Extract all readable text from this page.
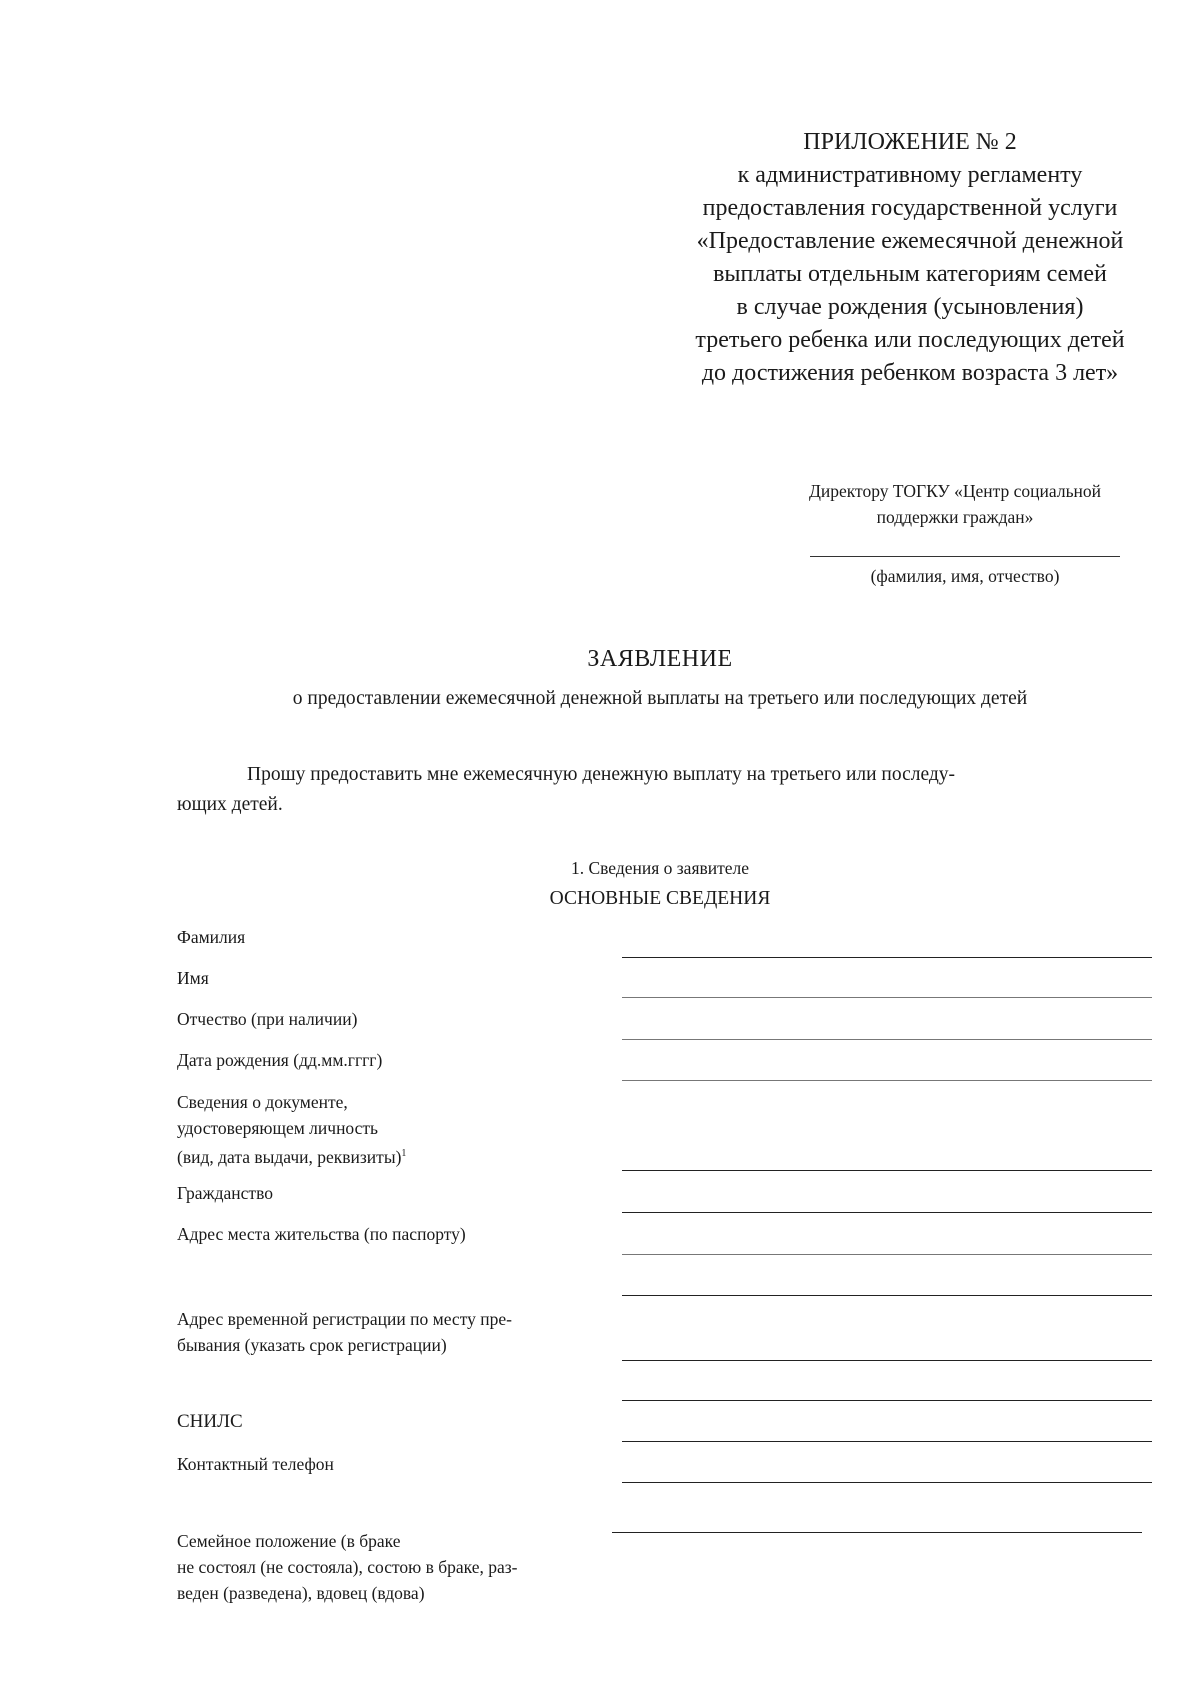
ПРИЛОЖЕНИЕ № 2
к административному регламенту
предоставления государственной услуги
«Предоставление ежемесячной денежной
выплаты отдельным категориям семей
в случае рождения (усыновления)
третьего ребенка или последующих детей
до достижения ребенком возраста 3 лет»
Директору ТОГКУ «Центр социальной
поддержки граждан»
(фамилия, имя, отчество)
ЗАЯВЛЕНИЕ
о предоставлении ежемесячной денежной выплаты на третьего или последующих детей
Прошу предоставить мне ежемесячную денежную выплату на третьего или последу-
ющих детей.
1. Сведения о заявителе
ОСНОВНЫЕ СВЕДЕНИЯ
Фамилия
Имя
Отчество (при наличии)
Дата рождения (дд.мм.гггг)
Сведения о документе,
удостоверяющем личность
(вид, дата выдачи, реквизиты)$^1$
Гражданство
Адрес места жительства (по паспорту)
Адрес временной регистрации по месту пре-
бывания (указать срок регистрации)
СНИЛС
Контактный телефон
Семейное положение (в браке
не состоял (не состояла), состою в браке, раз-
веден (разведена), вдовец (вдова)
